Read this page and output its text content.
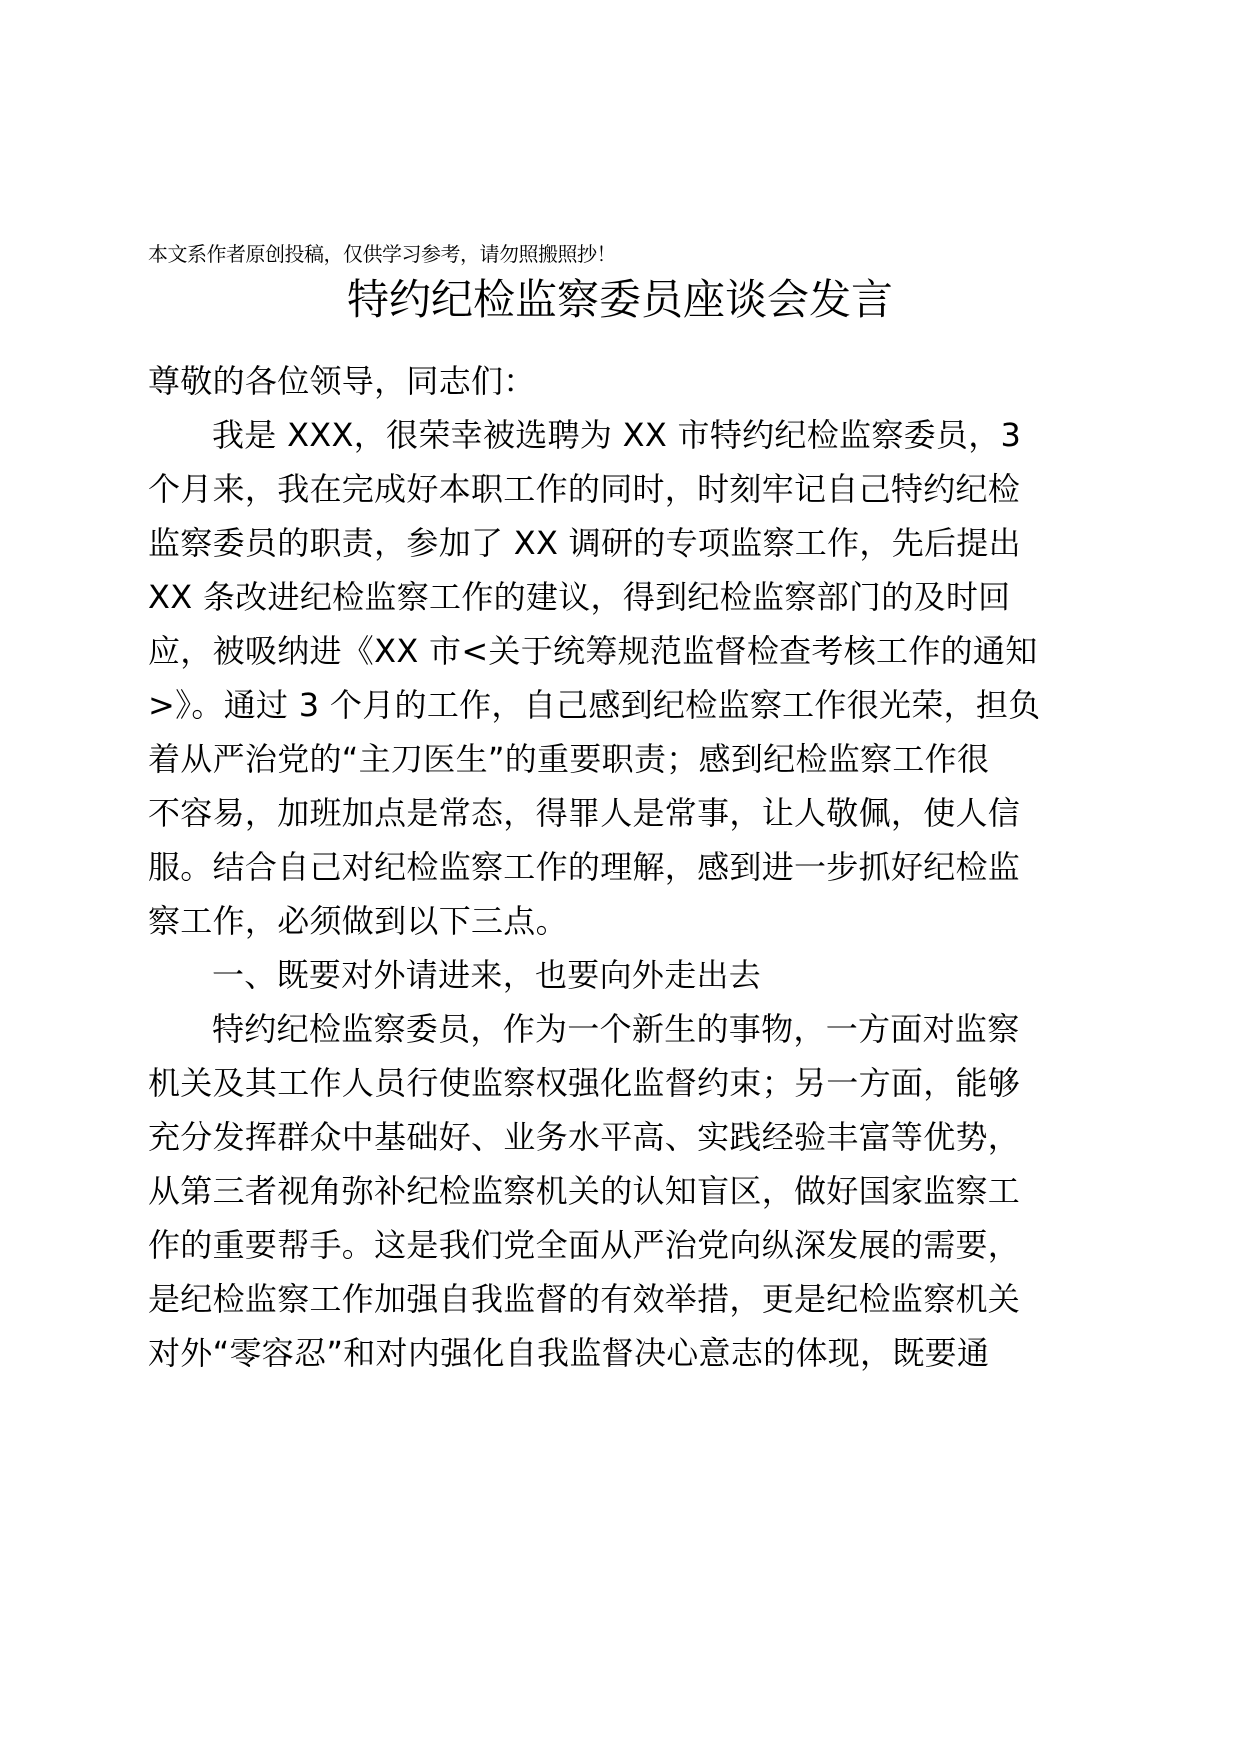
本文系作者原创投稿，仅供学习参考，请勿照搬照抄！
特约纪检监察委员座谈会发言
尊敬的各位领导，同志们：
我是 XXX，很荣幸被选聘为 XX 市特约纪检监察委员，3
个月来，我在完成好本职工作的同时，时刻牢记自己特约纪检
监察委员的职责，参加了 XX 调研的专项监察工作，先后提出
XX 条改进纪检监察工作的建议，得到纪检监察部门的及时回
应，被吸纳进《XX 市<关于统筹规范监督检查考核工作的通知
>》。通过 3 个月的工作，自己感到纪检监察工作很光荣，担负
着从严治党的“主刀医生”的重要职责；感到纪检监察工作很
不容易，加班加点是常态，得罪人是常事，让人敬佩，使人信
服。结合自己对纪检监察工作的理解，感到进一步抓好纪检监
察工作，必须做到以下三点。
一、既要对外请进来，也要向外走出去
特约纪检监察委员，作为一个新生的事物，一方面对监察
机关及其工作人员行使监察权强化监督约束；另一方面，能够
充分发挥群众中基础好、业务水平高、实践经验丰富等优势，
从第三者视角弥补纪检监察机关的认知盲区，做好国家监察工
作的重要帮手。这是我们党全面从严治党向纵深发展的需要，
是纪检监察工作加强自我监督的有效举措，更是纪检监察机关
对外“零容忍”和对内强化自我监督决心意志的体现，既要通
